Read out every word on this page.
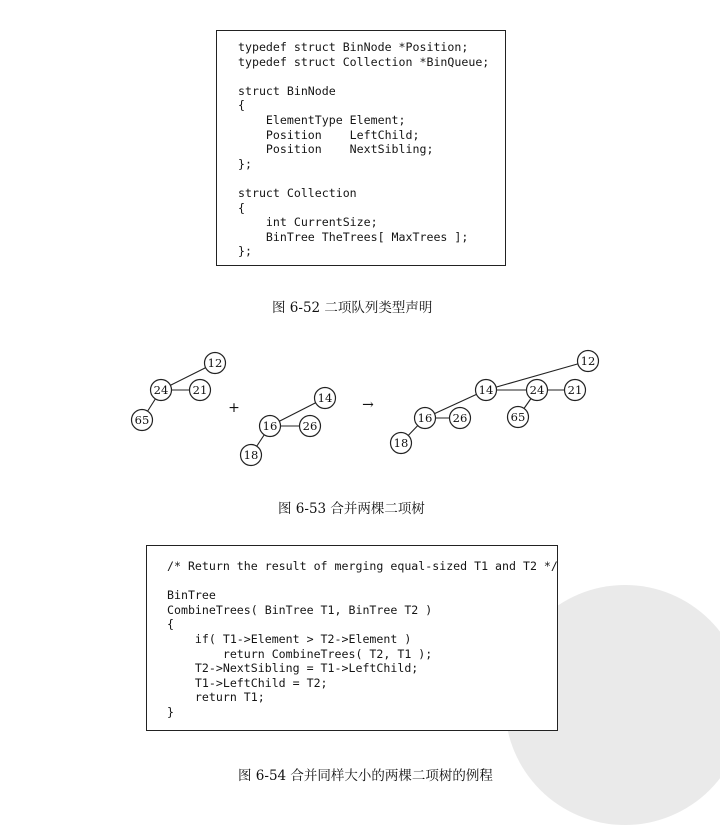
typedef struct BinNode *Position;
typedef struct Collection *BinQueue;

struct BinNode
{
ElementType Element;
Position    LeftChild;
Position    NextSibling;
};

struct Collection
{
int CurrentSize;
BinTree TheTrees[ MaxTrees ];
};
图 6-52 二项队列类型声明
12
24 21
65
+
14
16 26
18
→
12
14	24 21
16 26	65
18
图 6-53 合并两棵二项树
/* Return the result of merging equal-sized T1 and T2 */

BinTree
CombineTrees( BinTree T1, BinTree T2 )
{
if( T1->Element > T2->Element )
return CombineTrees( T2, T1 );
T2->NextSibling = T1->LeftChild;
T1->LeftChild = T2;
return T1;
}
图 6-54 合并同样大小的两棵二项树的例程
